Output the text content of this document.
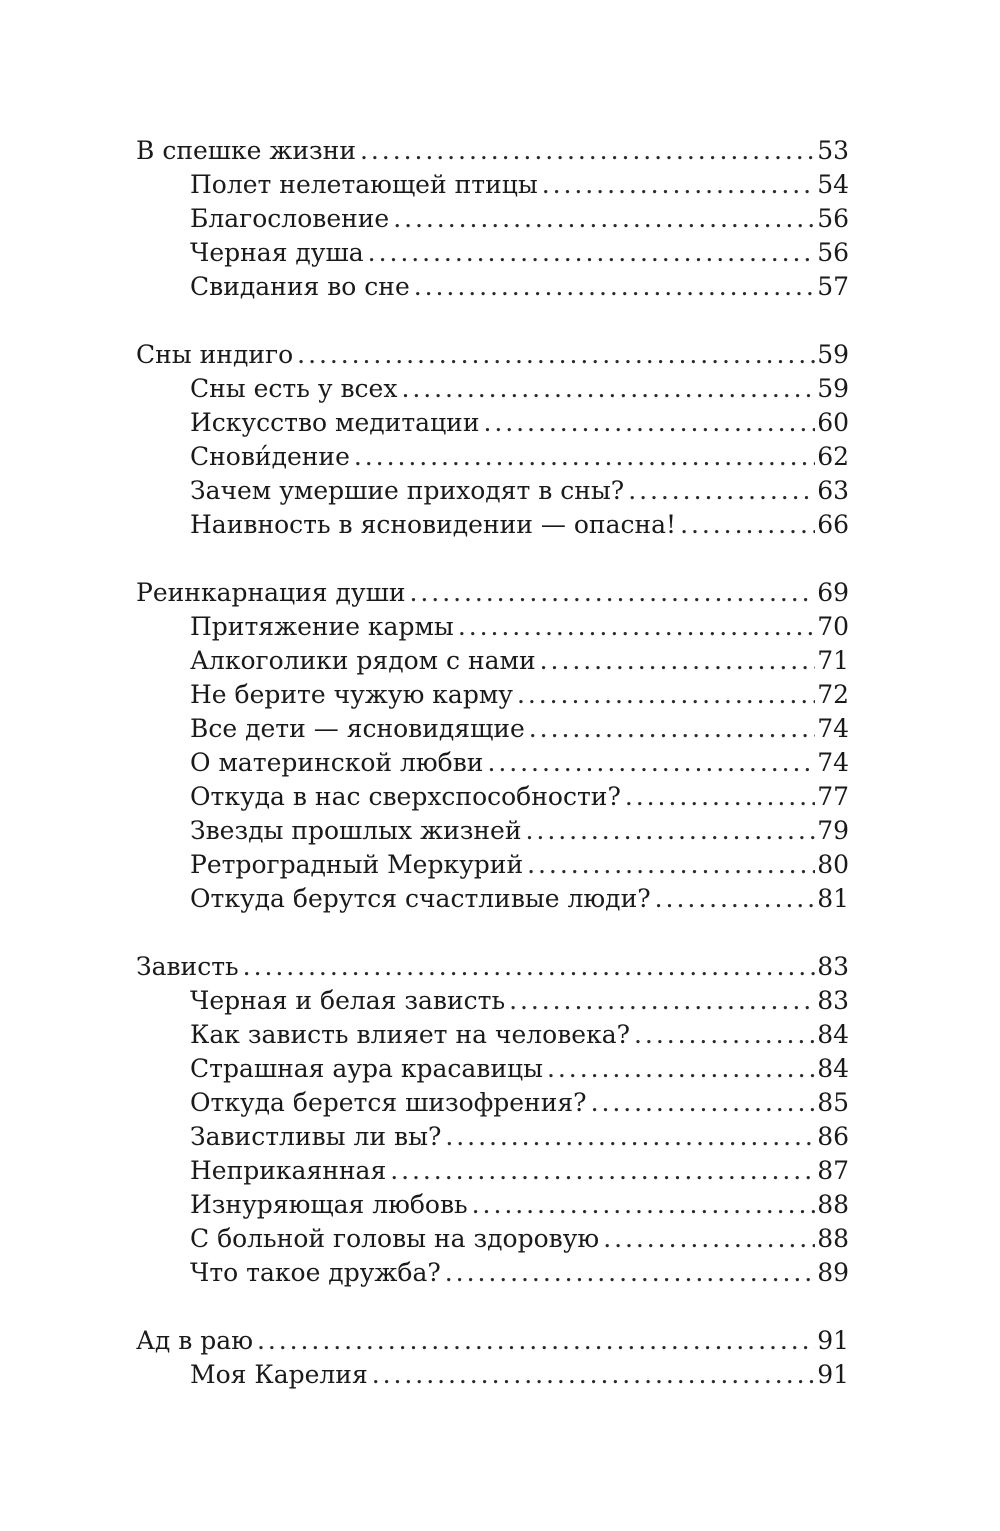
В спешке жизни . . .	53
Полет нелетающей птицы . . .	54
Благословение . . .	56
Черная душа . . .	56
Свидания во сне . . .	57
Сны индиго . . .	59
Сны есть у всех . . .	59
Искусство медитации . . .	60
Снови́дение . . .	62
Зачем умершие приходят в сны? . . .	63
Наивность в ясновидении — опасна! . . .	66
Реинкарнация души . . .	69
Притяжение кармы . . .	70
Алкоголики рядом с нами . . .	71
Не берите чужую карму . . .	72
Все дети — ясновидящие . . .	74
О материнской любви . . .	74
Откуда в нас сверхспособности? . . .	77
Звезды прошлых жизней . . .	79
Ретроградный Меркурий . . .	80
Откуда берутся счастливые люди? . . .	81
Зависть . . .	83
Черная и белая зависть . . .	83
Как зависть влияет на человека? . . .	84
Страшная аура красавицы . . .	84
Откуда берется шизофрения? . . .	85
Завистливы ли вы? . . .	86
Неприкаянная . . .	87
Изнуряющая любовь . . .	88
С больной головы на здоровую . . .	88
Что такое дружба? . . .	89
Ад в раю . . .	91
Моя Карелия . . .	91
